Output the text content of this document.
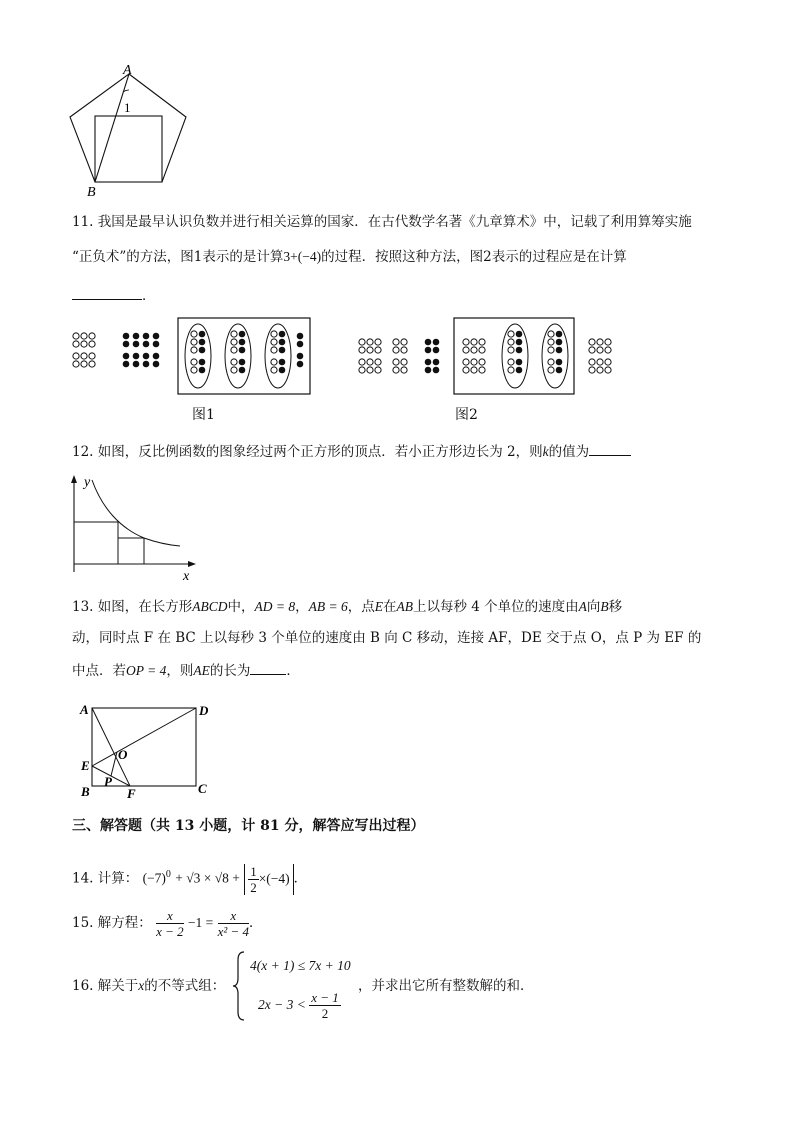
A
B
1
11. 我国是最早认识负数并进行相关运算的国家．在古代数学名著《九章算术》中，记载了利用算筹实施
“正负术”的方法，图1表示的是计算3+(−4)的过程．按照这种方法，图2表示的过程应是在计算
．
图1	图2
12. 如图，反比例函数的图象经过两个正方形的顶点．若小正方形边长为 2，则k的值为
y
x
13. 如图，在长方形ABCD中，AD = 8，AB = 6，点E在AB上以每秒 4 个单位的速度由A向B移
动，同时点 F 在 BC 上以每秒 3 个单位的速度由 B 向 C 移动，连接 AF，DE 交于点 O，点 P 为 EF 的
中点．若OP = 4，则AE的长为	．
A	D
B	C
E
F
O
P
三、解答题（共 13 小题，计 81 分，解答应写出过程）
14. 计算： $(-7)^0 + √3 \times √8 + \frac{1}{2} \times(-4)$ ．
15. 解方程： $\frac{x}{x - 2} -1 = \frac{x}{\text{x² − 4}}$ ．
16. 解关于x的不等式组：
4(x + 1) ≤ 7x + 10
$2x - 3 < \frac{x - 1}{2}$
，并求出它所有整数解的和．
